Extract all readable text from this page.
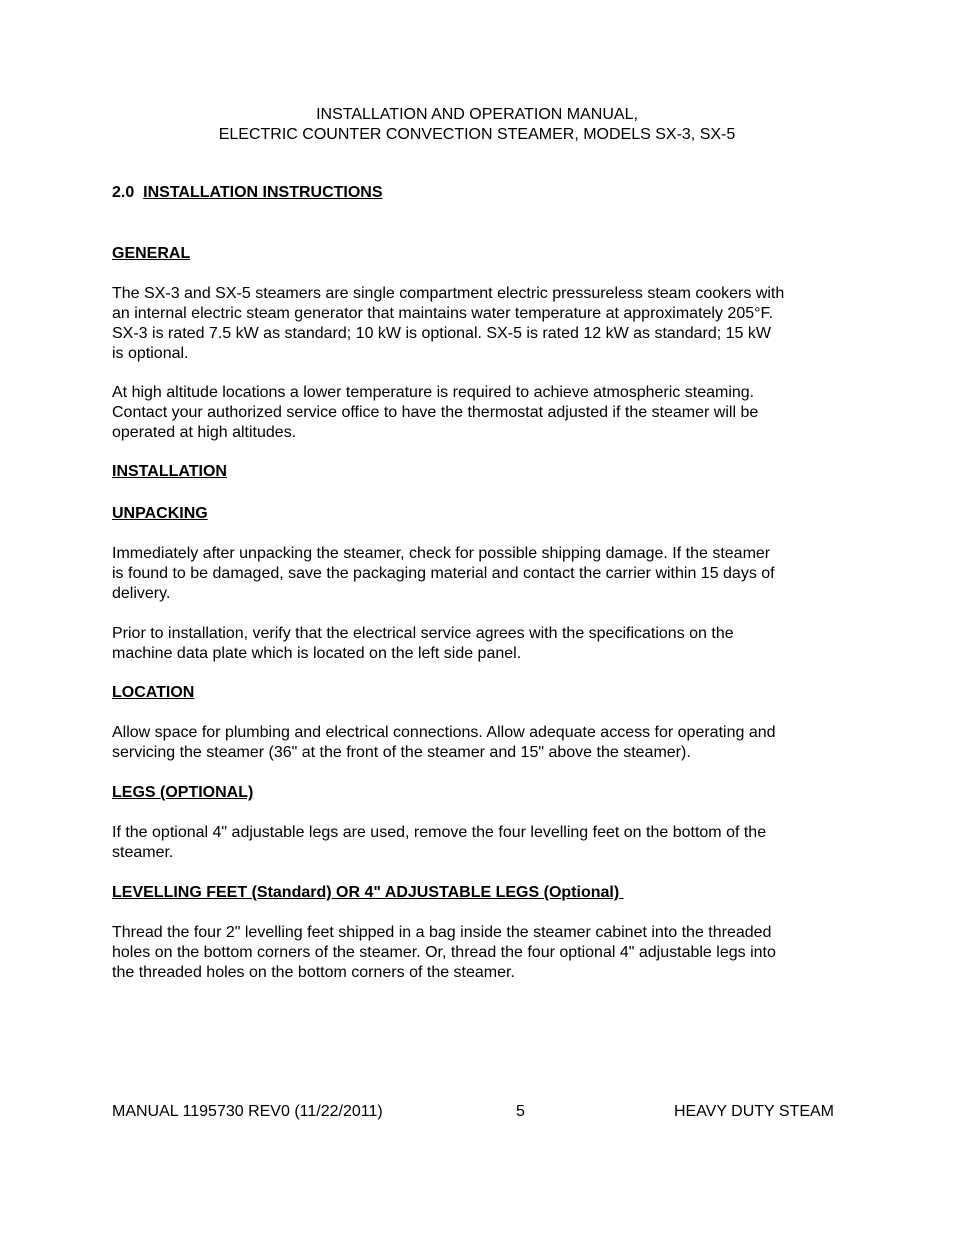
INSTALLATION AND OPERATION MANUAL,
ELECTRIC COUNTER CONVECTION STEAMER, MODELS SX-3, SX-5
2.0 INSTALLATION INSTRUCTIONS
GENERAL
The SX-3 and SX-5 steamers are single compartment electric pressureless steam cookers with
an internal electric steam generator that maintains water temperature at approximately 205°F.
SX-3 is rated 7.5 kW as standard; 10 kW is optional. SX-5 is rated 12 kW as standard; 15 kW
is optional.
At high altitude locations a lower temperature is required to achieve atmospheric steaming.
Contact your authorized service office to have the thermostat adjusted if the steamer will be
operated at high altitudes.
INSTALLATION
UNPACKING
Immediately after unpacking the steamer, check for possible shipping damage. If the steamer
is found to be damaged, save the packaging material and contact the carrier within 15 days of
delivery.
Prior to installation, verify that the electrical service agrees with the specifications on the
machine data plate which is located on the left side panel.
LOCATION
Allow space for plumbing and electrical connections. Allow adequate access for operating and
servicing the steamer (36" at the front of the steamer and 15" above the steamer).
LEGS (OPTIONAL)
If the optional 4" adjustable legs are used, remove the four levelling feet on the bottom of the
steamer.
LEVELLING FEET (Standard) OR 4" ADJUSTABLE LEGS (Optional)
Thread the four 2" levelling feet shipped in a bag inside the steamer cabinet into the threaded
holes on the bottom corners of the steamer. Or, thread the four optional 4" adjustable legs into
the threaded holes on the bottom corners of the steamer.
MANUAL 1195730 REV0 (11/22/2011)	5	HEAVY DUTY STEAM
